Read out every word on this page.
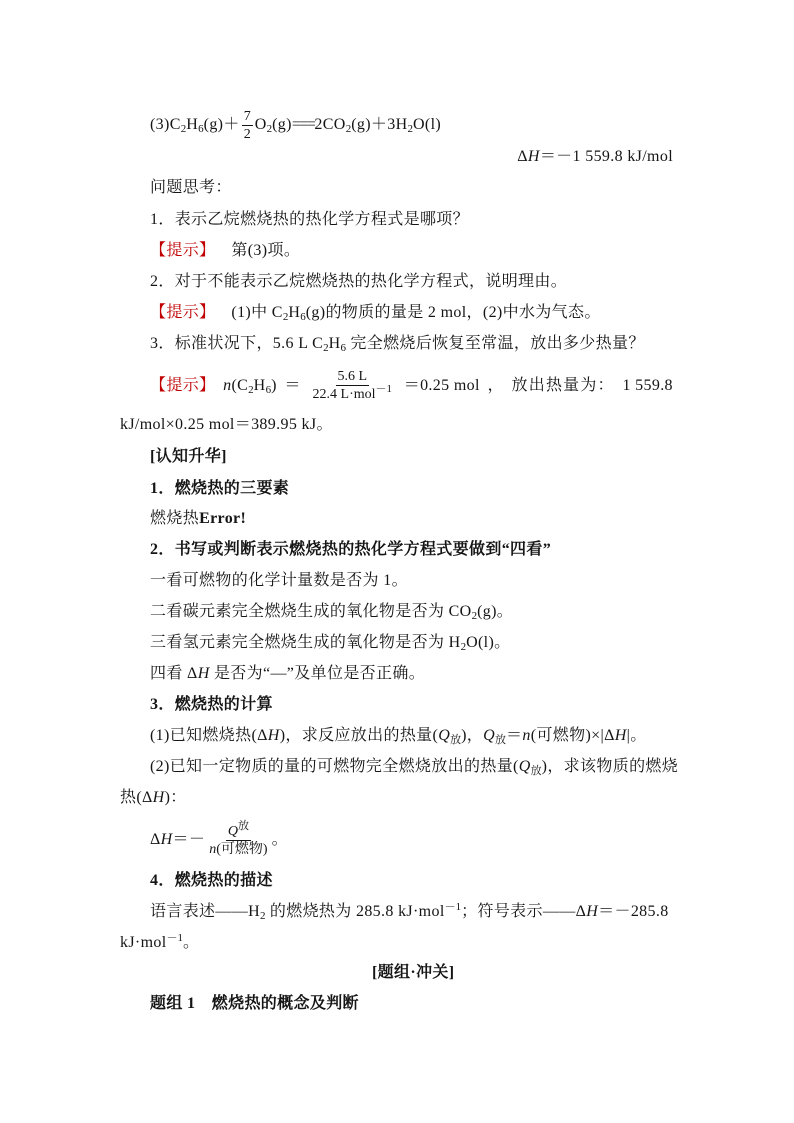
$(3)C_2H_6(g)+ \frac{7}{2} O_2(g)===2CO_2(g)+3H_2O(l)$
ΔH＝－1 559.8 kJ/mol
问题思考：
1．表示乙烷燃烧热的热化学方程式是哪项？
【提示】 第(3)项。
2．对于不能表示乙烷燃烧热的热化学方程式，说明理由。
【提示】 (1)中 $C_2H_6(g)$的物质的量是 2 mol，(2)中水为气态。
3．标准状况下，5.6 L $C_2H_6$ 完全燃烧后恢复至常温，放出多少热量？
【提示】 $n(C_2H_6) = \frac{5.6 L}{22.4 L\cdot mol^{-1}} =0.25$ mol ， 放出热量为： 1 559.8
kJ/mol×0.25 mol＝389.95 kJ。
[认知升华]
1．燃烧热的三要素
燃烧热Error!
2．书写或判断表示燃烧热的热化学方程式要做到“四看”
一看可燃物的化学计量数是否为 1。
二看碳元素完全燃烧生成的氧化物是否为 $CO_2(g)$。
三看氢元素完全燃烧生成的氧化物是否为 $H_2O(l)$。
四看 ΔH 是否为“—”及单位是否正确。
3．燃烧热的计算
(1)已知燃烧热(ΔH)，求反应放出的热量$(Q_放)$，$Q_放=n$(可燃物)×|ΔH|。
(2)已知一定物质的量的可燃物完全燃烧放出的热量$(Q_放)$，求该物质的燃烧
热(ΔH)：
$\Delta H=- \frac{Q^放}{\text{n(可燃物)}}$ 。
4．燃烧热的描述
语言表述$——H_2$ 的燃烧热为 285.8 kJ·mol$^{-1}$；符号表示——ΔH＝－285.8
kJ·mol$^{-1}$。
[题组·冲关]
题组 1　燃烧热的概念及判断
